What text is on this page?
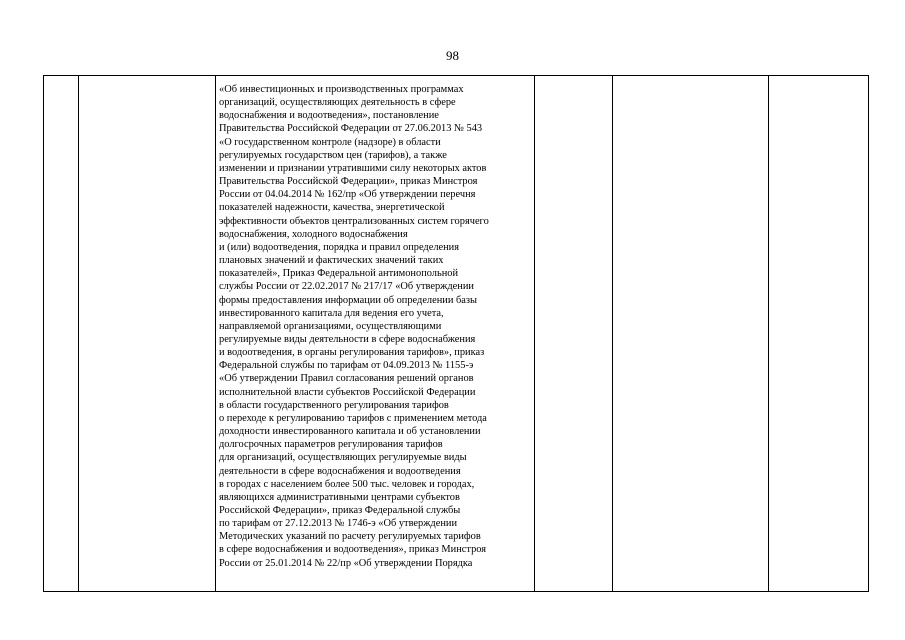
98

«Об инвестиционных и производственных программах
организаций, осуществляющих деятельность в сфере
водоснабжения и водоотведения», постановление
Правительства Российской Федерации от 27.06.2013 № 543
«О государственном контроле (надзоре) в области
регулируемых государством цен (тарифов), а также
изменении и признании утратившими силу некоторых актов
Правительства Российской Федерации», приказ Минстроя
России от 04.04.2014 № 162/пр «Об утверждении перечня
показателей надежности, качества, энергетической
эффективности объектов централизованных систем горячего
водоснабжения, холодного водоснабжения
и (или) водоотведения, порядка и правил определения
плановых значений и фактических значений таких
показателей», Приказ Федеральной антимонопольной
службы России от 22.02.2017 № 217/17 «Об утверждении
формы предоставления информации об определении базы
инвестированного капитала для ведения его учета,
направляемой организациями, осуществляющими
регулируемые виды деятельности в сфере водоснабжения
и водоотведения, в органы регулирования тарифов», приказ
Федеральной службы по тарифам от 04.09.2013 № 1155-э
«Об утверждении Правил согласования решений органов
исполнительной власти субъектов Российской Федерации
в области государственного регулирования тарифов
о переходе к регулированию тарифов с применением метода
доходности инвестированного капитала и об установлении
долгосрочных параметров регулирования тарифов
для организаций, осуществляющих регулируемые виды
деятельности в сфере водоснабжения и водоотведения
в городах с населением более 500 тыс. человек и городах,
являющихся административными центрами субъектов
Российской Федерации», приказ Федеральной службы
по тарифам от 27.12.2013 № 1746-э «Об утверждении
Методических указаний по расчету регулируемых тарифов
в сфере водоснабжения и водоотведения», приказ Минстроя
России от 25.01.2014 № 22/пр «Об утверждении Порядка
